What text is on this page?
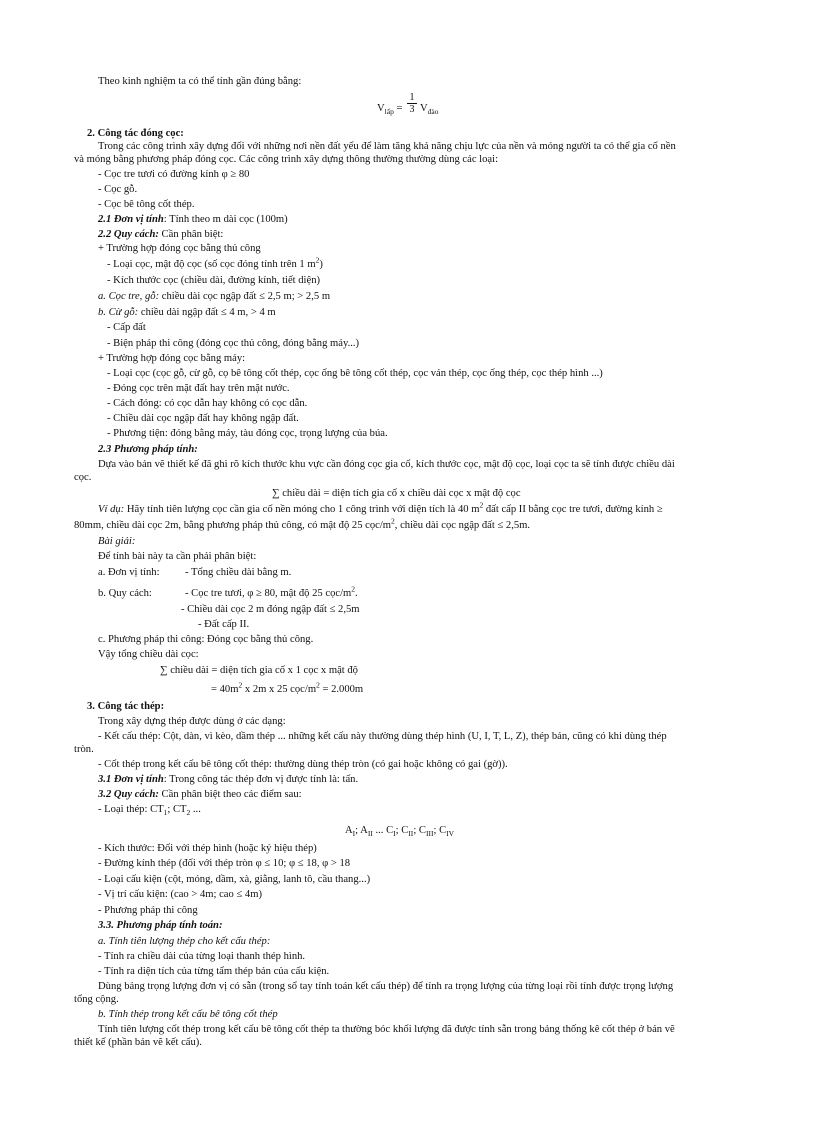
Theo kinh nghiệm ta có thể tính gần đúng bằng:
$V_{lấp} = \frac{1}{3} V_{đào}$
2. Công tác đóng cọc:
Trong các công trình xây dựng đối với những nơi nền đất yếu để làm tăng khả năng chịu lực của nền và móng người ta có thể gia cố nền
và móng bằng phương pháp đóng cọc. Các công trình xây dựng thông thường thường dùng các loại:
- Cọc tre tươi có đường kính φ ≥ 80
- Cọc gỗ.
- Cọc bê tông cốt thép.
2.1 Đơn vị tính: Tính theo m dài cọc (100m)
2.2 Quy cách: Cần phân biệt:
+ Trường hợp đóng cọc bằng thủ công
- Loại cọc, mật độ cọc (số cọc đóng tính trên 1 $m^2$)
- Kích thước cọc (chiều dài, đường kính, tiết diện)
a. Cọc tre, gỗ: chiều dài cọc ngập đất ≤ 2,5 m; > 2,5 m
b. Cừ gỗ: chiều dài ngập đất ≤ 4 m, > 4 m
- Cấp đất
- Biện pháp thi công (đóng cọc thủ công, đóng bằng máy...)
+ Trường hợp đóng cọc bằng máy:
- Loại cọc (cọc gỗ, cừ gỗ, cọ bê tông cốt thép, cọc ống bê tông cốt thép, cọc ván thép, cọc ống thép, cọc thép hình ...)
- Đóng cọc trên mặt đất hay trên mặt nước.
- Cách đóng: có cọc dẫn hay không có cọc dẫn.
- Chiều dài cọc ngập đất hay không ngập đất.
- Phương tiện: đóng bằng máy, tàu đóng cọc, trọng lượng của búa.
2.3 Phương pháp tính:
Dựa vào bản vẽ thiết kế đã ghi rõ kích thước khu vực cần đóng cọc gia cố, kích thước cọc, mật độ cọc, loại cọc ta sẽ tính được chiều dài
cọc.
∑ chiều dài = diện tích gia cố x chiều dài cọc x mật độ cọc
Ví dụ: Hãy tính tiên lượng cọc cần gia cố nền móng cho 1 công trình với diện tích là 40 $m^2$ đất cấp II bằng cọc tre tươi, đường kính ≥
80mm, chiều dài cọc 2m, bằng phương pháp thủ công, có mật độ 25 cọc/$m^2$, chiều dài cọc ngập đất ≤ 2,5m.
Bài giải:
Để tính bài này ta cần phải phân biệt:
a. Đơn vị tính: - Tổng chiều dài bằng m.
b. Quy cách:	- Cọc tre tươi, φ ≥ 80, mật độ 25 cọc/$m^2$.
- Chiều dài cọc 2 m đóng ngập đất ≤ 2,5m
- Đất cấp II.
c. Phương pháp thi công: Đóng cọc bằng thủ công.
Vậy tổng chiều dài cọc:
∑ chiều dài = diện tích gia cố x 1 cọc x mật độ
= $40m^2$ x 2m x 25 cọc/$m^2 = 2.000m$
3. Công tác thép:
Trong xây dựng thép được dùng ở các dạng:
- Kết cấu thép: Cột, dàn, vì kèo, dầm thép ... những kết cấu này thường dùng thép hình (U, I, T, L, Z), thép bản, cũng có khi dùng thép
tròn.
- Cốt thép trong kết cấu bê tông cốt thép: thường dùng thép tròn (có gai hoặc không có gai (gờ)).
3.1 Đơn vị tính: Trong công tác thép đơn vị được tính là: tấn.
3.2 Quy cách: Cần phân biệt theo các điểm sau:
- Loại thép: $CT_1$; $CT_2$ ...
$A_I$; $A_{II}$ ... $C_I$; $C_{II}$; $C_{III}$; $C_{IV}$
- Kích thước: Đối với thép hình (hoặc ký hiệu thép)
- Đường kính thép (đối với thép tròn φ ≤ 10; φ ≤ 18, φ > 18
- Loại cấu kiện (cột, móng, dầm, xà, giằng, lanh tô, cầu thang...)
- Vị trí cấu kiện: (cao > 4m; cao ≤ 4m)
- Phương pháp thi công
3.3. Phương pháp tính toán:
a. Tính tiên lượng thép cho kết cấu thép:
- Tính ra chiều dài của từng loại thanh thép hình.
- Tính ra diện tích của từng tấm thép bản của cấu kiện.
Dùng bảng trọng lượng đơn vị có sẵn (trong sổ tay tính toán kết cấu thép) để tính ra trọng lượng của từng loại rồi tính được trọng lượng
tổng cộng.
b. Tính thép trong kết cấu bê tông cốt thép
Tính tiên lượng cốt thép trong kết cấu bê tông cốt thép ta thường bóc khối lượng đã được tính sẵn trong bảng thống kê cốt thép ở bản vẽ
thiết kế (phần bản vẽ kết cấu).
